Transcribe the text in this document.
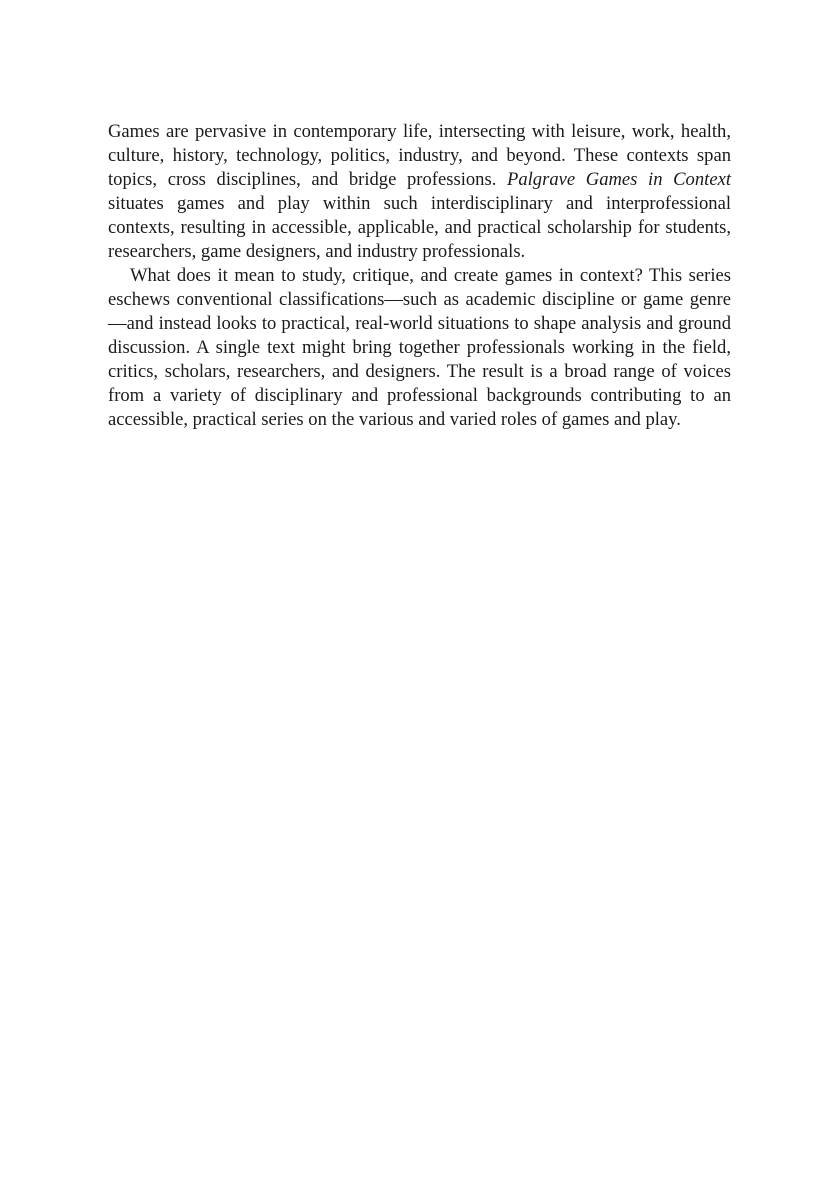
Games are pervasive in contemporary life, intersecting with leisure, work, health, culture, history, technology, politics, industry, and beyond. These contexts span topics, cross disciplines, and bridge professions. Palgrave Games in Context situates games and play within such interdisciplinary and interprofessional contexts, resulting in accessible, applicable, and practical scholarship for students, researchers, game designers, and industry professionals.

What does it mean to study, critique, and create games in context? This series eschews conventional classifications—such as academic discipline or game genre—and instead looks to practical, real-world situations to shape analysis and ground discussion. A single text might bring together professionals working in the field, critics, scholars, researchers, and designers. The result is a broad range of voices from a variety of disciplinary and professional backgrounds contributing to an accessible, practical series on the various and varied roles of games and play.
